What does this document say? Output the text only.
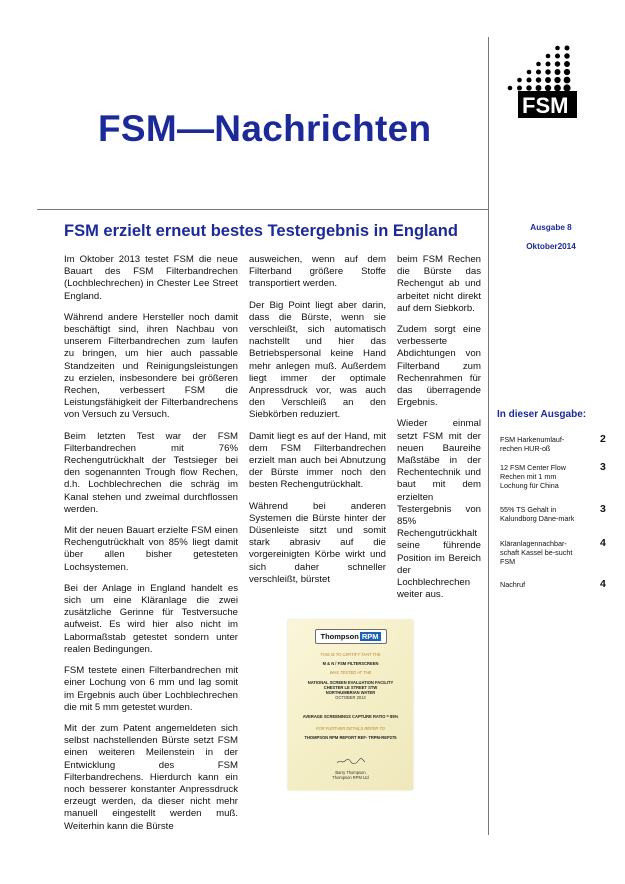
FSM—Nachrichten
FSM
FSM erzielt erneut bestes Testergebnis in England

Im Oktober 2013 testet FSM die neue Bauart des FSM Filterbandrechen (Lochblechrechen) in Chester Lee Street England.

Während andere Hersteller noch damit beschäftigt sind, ihren Nachbau von unserem Filterbandrechen zum laufen zu bringen, um hier auch passable Standzeiten und Reinigungsleistungen zu erzielen, insbesondere bei größeren Rechen, verbessert FSM die Leistungsfähigkeit der Filterbandrechens von Versuch zu Versuch.

Beim letzten Test war der FSM Filterbandrechen mit 76% Rechengutrückhalt der Testsieger bei den sogenannten Trough flow Rechen, d.h. Lochblechrechen die schräg im Kanal stehen und zweimal durchflossen werden.

Mit der neuen Bauart erzielte FSM einen Rechengutrückhalt von 85% liegt damit über allen bisher getesteten Lochsystemen.

Bei der Anlage in England handelt es sich um eine Kläranlage die zwei zusätzliche Gerinne für Testversuche aufweist. Es wird hier also nicht im Labormaßstab getestet sondern unter realen Bedingungen.

FSM testete einen Filterbandrechen mit einer Lochung von 6 mm und lag somit im Ergebnis auch über Lochblechrechen die mit 5 mm getestet wurden.

Mit der zum Patent angemeldeten sich selbst nachstellenden Bürste setzt FSM einen weiteren Meilenstein in der Entwicklung des FSM Filterbandrechens. Hierdurch kann ein noch besserer konstanter Anpressdruck erzeugt werden, da dieser nicht mehr manuell eingestellt werden muß. Weiterhin kann die Bürste

ausweichen, wenn auf dem Filterband größere Stoffe transportiert werden.

Der Big Point liegt aber darin, dass die Bürste, wenn sie verschleißt, sich automatisch nachstellt und hier das Betriebspersonal keine Hand mehr anlegen muß. Außerdem liegt immer der optimale Anpressdruck vor, was auch den Verschleiß an den Siebkörben reduziert.

Damit liegt es auf der Hand, mit dem FSM Filterbandrechen erzielt man auch bei Abnutzung der Bürste immer noch den besten Rechengutrückhalt.

Während bei anderen Systemen die Bürste hinter der Düsenleiste sitzt und somit stark abrasiv auf die vorgereinigten Körbe wirkt und sich daher schneller verschleißt, bürstet

beim FSM Rechen die Bürste das Rechengut ab und arbeitet nicht direkt auf dem Siebkorb.

Zudem sorgt eine verbesserte Abdichtungen von Filterband zum Rechenrahmen für das überragende Ergebnis.

Wieder einmal setzt FSM mit der neuen Baureihe Maßstäbe in der Rechentechnik und baut mit dem erzielten Testergebnis von 85% Rechengutrückhalt seine führende Position im Bereich der Lochblechrechen weiter aus.

Thompson RPM
THIS IS TO CERTIFY THAT THE
M & N / FSM FILTERSCREEN
WAS TESTED AT THE
NATIONAL SCREEN EVALUATION FACILITY
CHESTER LE STREET STW
NORTHUMBRIAN WATER
OCTOBER 2013
AVERAGE SCREENINGS CAPTURE RATIO = 85%
FOR FURTHER DETAILS REFER TO
THOMPSON RPM REPORT REF- TRPM-REP275
Barry Thompson
Thompson RPM Ltd
Ausgabe 8
Oktober2014
In dieser Ausgabe:
FSM Harkenumlauf-rechen HUR-oß
2
12 FSM Center Flow Rechen mit 1 mm Lochung für China
3
55% TS Gehalt in Kalundborg Däne-mark
3
Kläranlagennachbar-schaft Kassel be-sucht FSM
4
Nachruf	4
